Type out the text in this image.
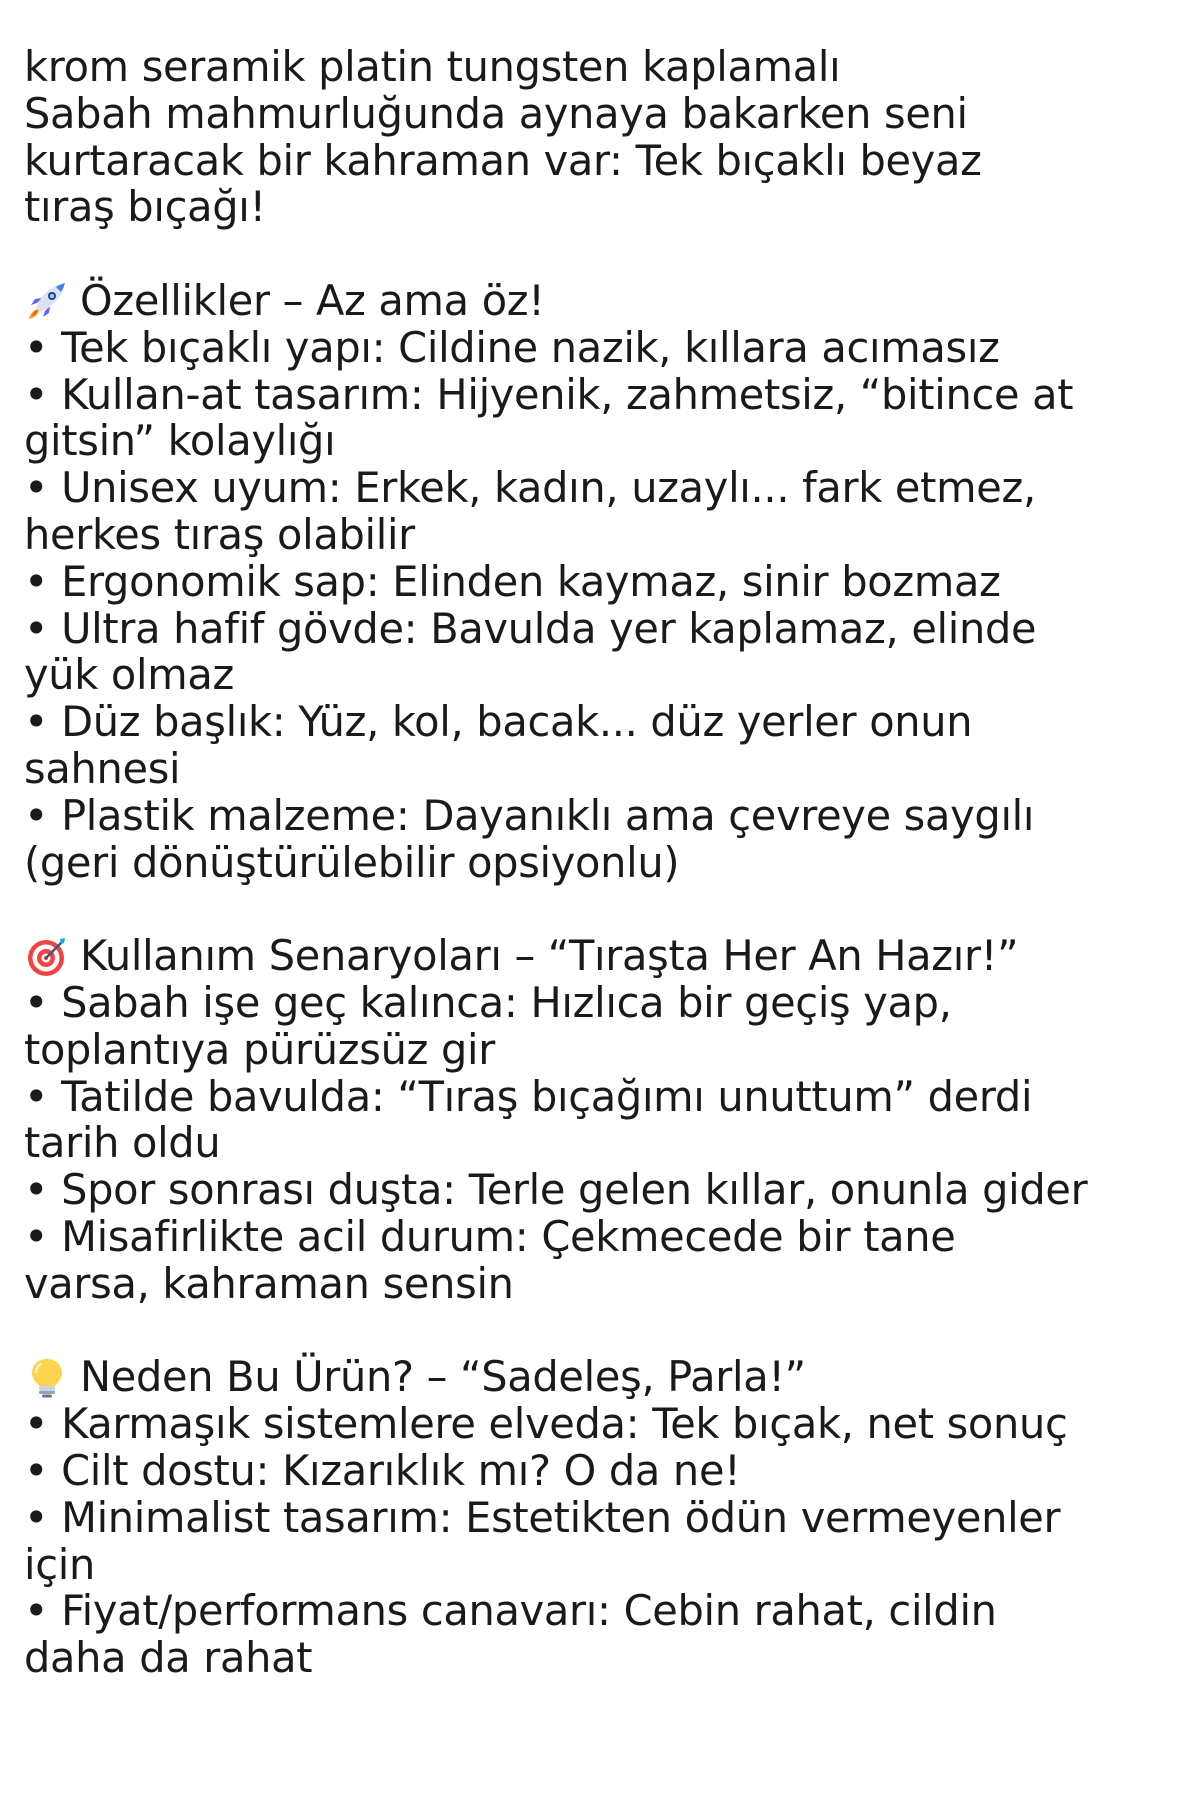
krom seramik platin tungsten kaplamalı
Sabah mahmurluğunda aynaya bakarken seni
kurtaracak bir kahraman var: Tek bıçaklı beyaz
tıraş bıçağı!
Özellikler – Az ama öz!
• Tek bıçaklı yapı: Cildine nazik, kıllara acımasız
• Kullan-at tasarım: Hijyenik, zahmetsiz, “bitince at
gitsin” kolaylığı
• Unisex uyum: Erkek, kadın, uzaylı... fark etmez,
herkes tıraş olabilir
• Ergonomik sap: Elinden kaymaz, sinir bozmaz
• Ultra hafif gövde: Bavulda yer kaplamaz, elinde
yük olmaz
• Düz başlık: Yüz, kol, bacak... düz yerler onun
sahnesi
• Plastik malzeme: Dayanıklı ama çevreye saygılı
(geri dönüştürülebilir opsiyonlu)
Kullanım Senaryoları – “Tıraşta Her An Hazır!”
• Sabah işe geç kalınca: Hızlıca bir geçiş yap,
toplantıya pürüzsüz gir
• Tatilde bavulda: “Tıraş bıçağımı unuttum” derdi
tarih oldu
• Spor sonrası duşta: Terle gelen kıllar, onunla gider
• Misafirlikte acil durum: Çekmecede bir tane
varsa, kahraman sensin
Neden Bu Ürün? – “Sadeleş, Parla!”
• Karmaşık sistemlere elveda: Tek bıçak, net sonuç
• Cilt dostu: Kızarıklık mı? O da ne!
• Minimalist tasarım: Estetikten ödün vermeyenler
için
• Fiyat/performans canavarı: Cebin rahat, cildin
daha da rahat
